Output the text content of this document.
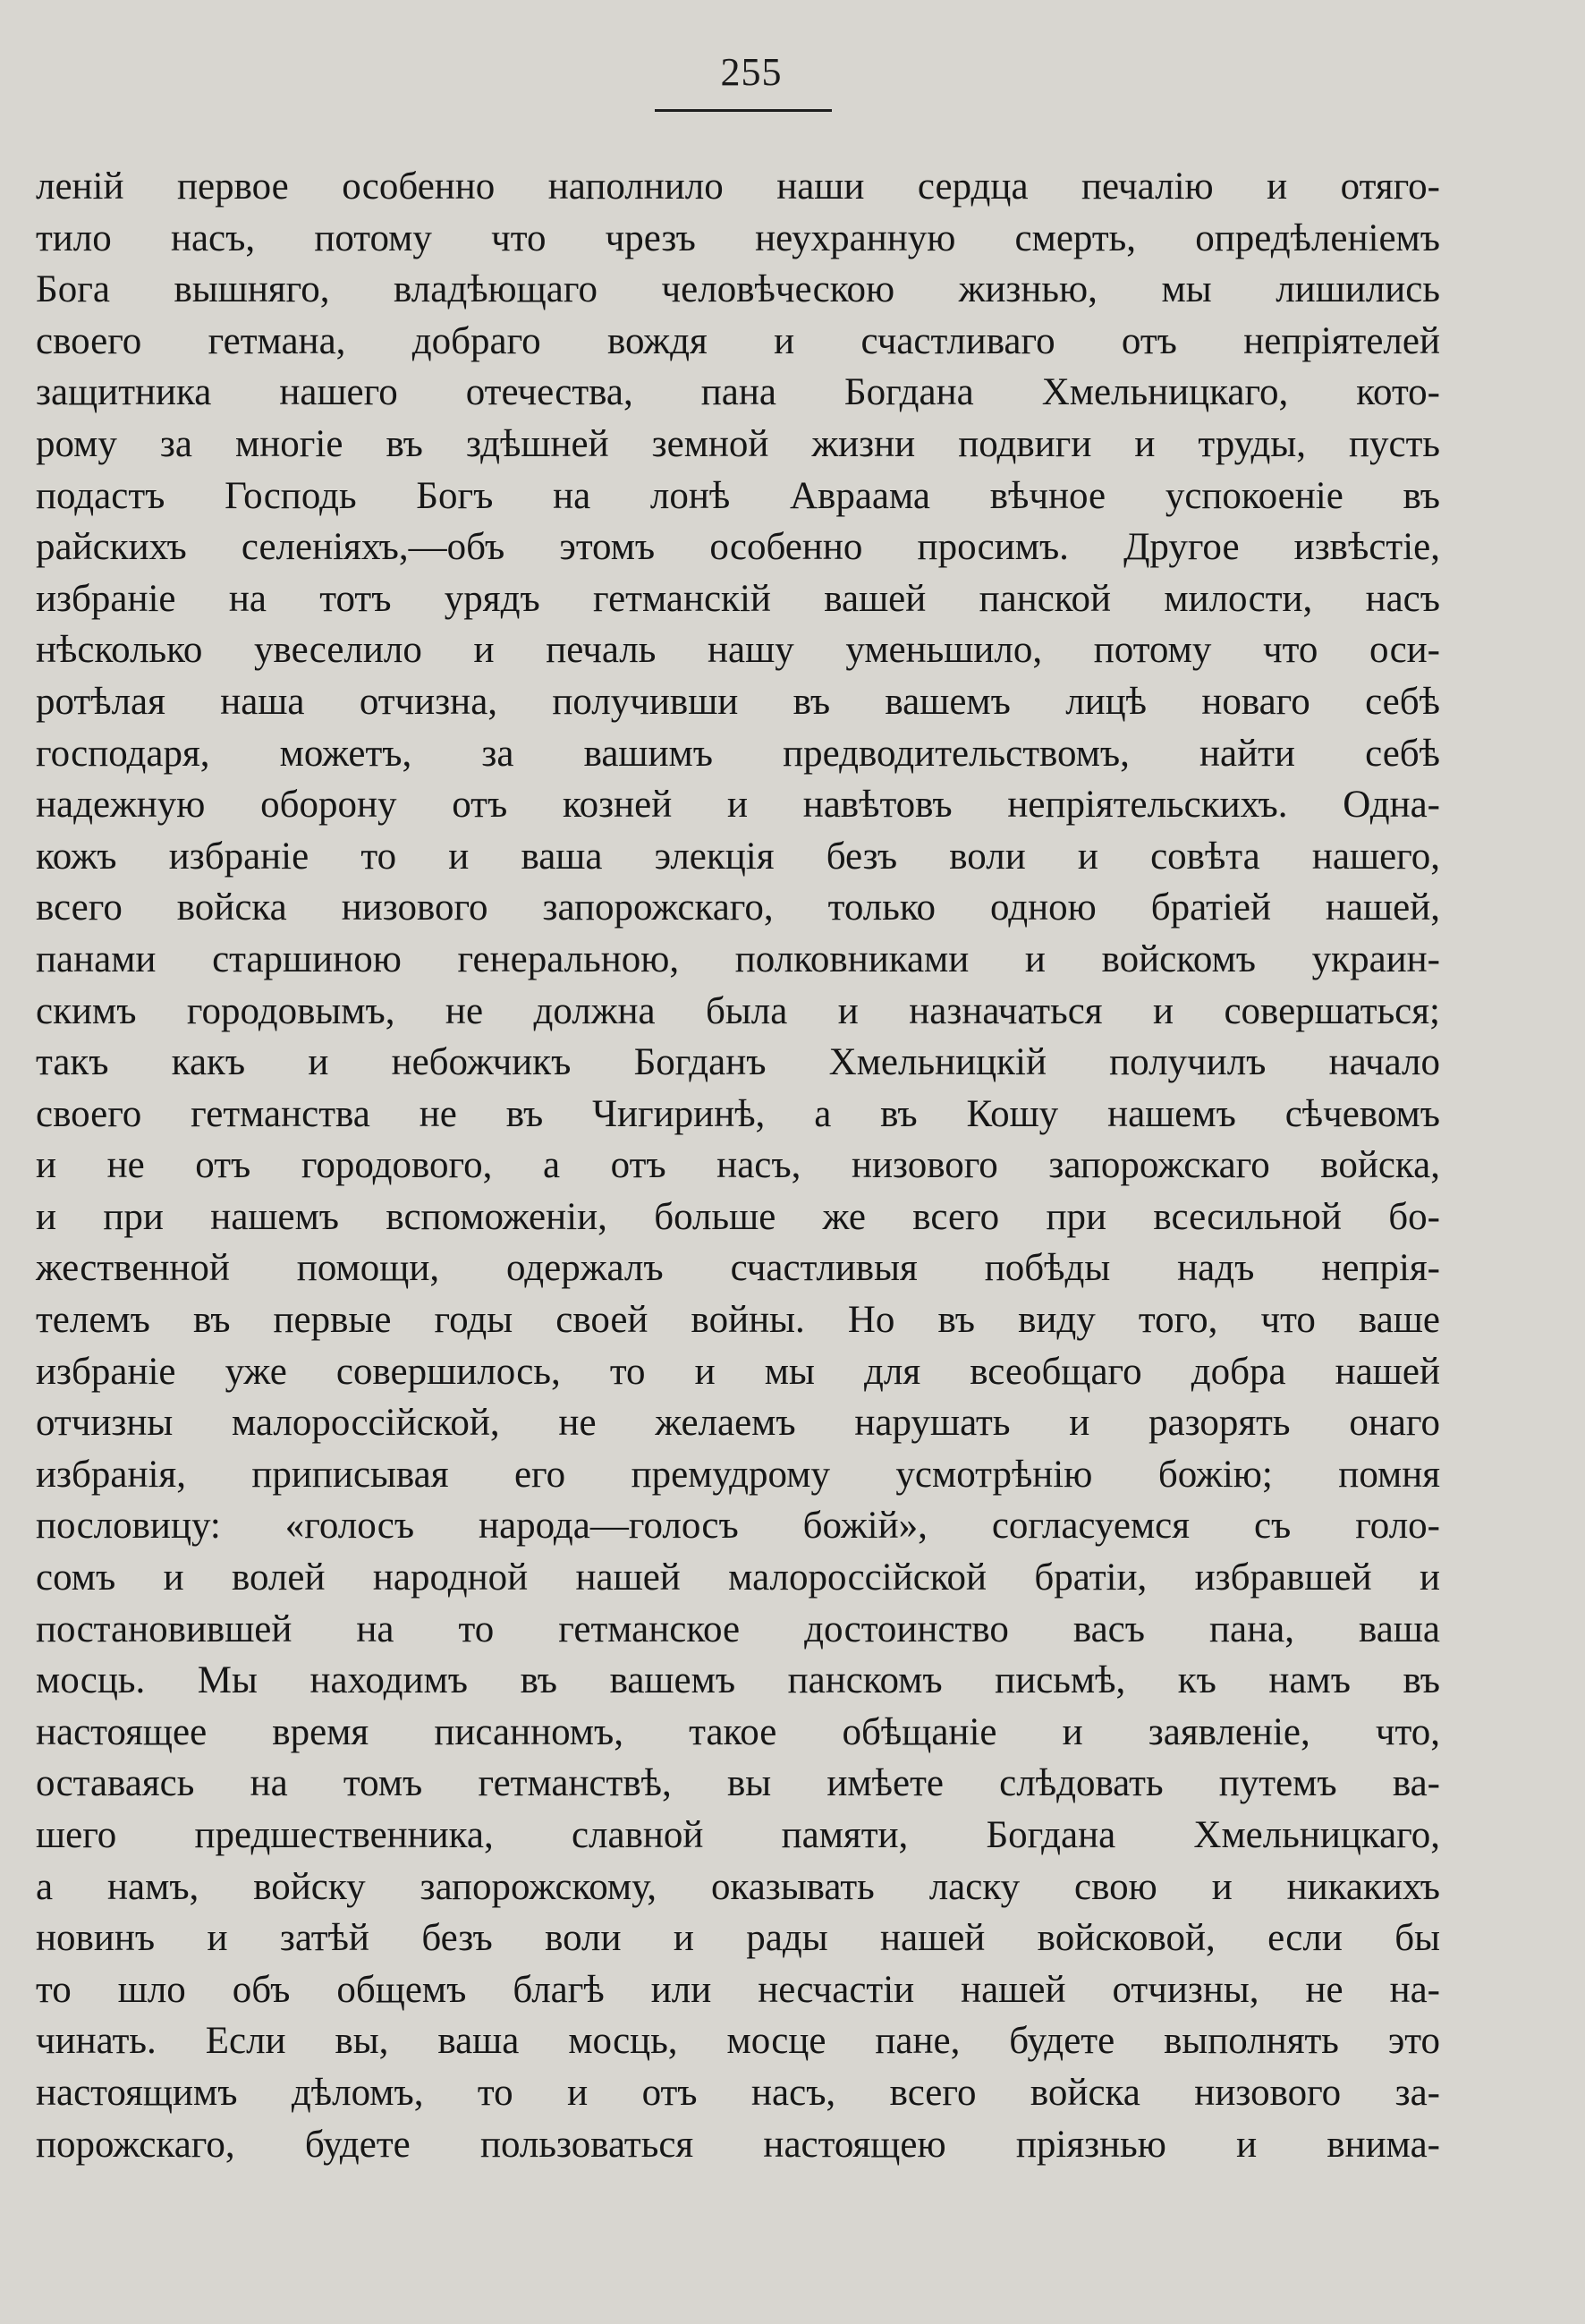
255
ленiй первое особенно наполнило наши сердца печалiю и отяго-
тило насъ, потому что чрезъ неухранную смерть, опредѣленiемъ
Бога вышняго, владѣющаго человѣческою жизнью, мы лишились
своего гетмана, добраго вождя и счастливаго отъ непрiятелей
защитника нашего отечества, пана Богдана Хмельницкаго, кото-
рому за многiе въ здѣшней земной жизни подвиги и труды, пусть
подастъ Господь Богъ на лонѣ Авраама вѣчное успокоенiе въ
райскихъ селенiяхъ,—объ этомъ особенно просимъ. Другое извѣстiе,
избранiе на тотъ урядъ гетманскiй вашей панской милости, насъ
нѣсколько увеселило и печаль нашу уменьшило, потому что оси-
ротѣлая наша отчизна, получивши въ вашемъ лицѣ новаго себѣ
господаря, можетъ, за вашимъ предводительствомъ, найти себѣ
надежную оборону отъ козней и навѣтовъ непрiятельскихъ. Одна-
кожъ избранiе то и ваша элекцiя безъ воли и совѣта нашего,
всего войска низового запорожскаго, только одною братiей нашей,
панами старшиною генеральною, полковниками и войскомъ украин-
скимъ городовымъ, не должна была и назначаться и совершаться;
такъ какъ и небожчикъ Богданъ Хмельницкiй получилъ начало
своего гетманства не въ Чигиринѣ, а въ Кошу нашемъ сѣчевомъ
и не отъ городового, а отъ насъ, низового запорожскаго войска,
и при нашемъ вспоможенiи, больше же всего при всесильной бо-
жественной помощи, одержалъ счастливыя побѣды надъ непрiя-
телемъ въ первые годы своей войны. Но въ виду того, что ваше
избранiе уже совершилось, то и мы для всеобщаго добра нашей
отчизны малороссiйской, не желаемъ нарушать и разорять онаго
избранiя, приписывая его премудрому усмотрѣнiю божiю; помня
пословицу: «голосъ народа—голосъ божiй», согласуемся съ голо-
сомъ и волей народной нашей малороссiйской братiи, избравшей и
постановившей на то гетманское достоинство васъ пана, ваша
мосць. Мы находимъ въ вашемъ панскомъ письмѣ, къ намъ въ
настоящее время писанномъ, такое обѣщанiе и заявленiе, что,
оставаясь на томъ гетманствѣ, вы имѣете слѣдовать путемъ ва-
шего предшественника, славной памяти, Богдана Хмельницкаго,
а намъ, войску запорожскому, оказывать ласку свою и никакихъ
новинъ и затѣй безъ воли и рады нашей войсковой, если бы
то шло объ общемъ благѣ или несчастiи нашей отчизны, не на-
чинать. Если вы, ваша мосць, мосце пане, будете выполнять это
настоящимъ дѣломъ, то и отъ насъ, всего войска низового за-
порожскаго, будете пользоваться настоящею прiязнью и внима-
